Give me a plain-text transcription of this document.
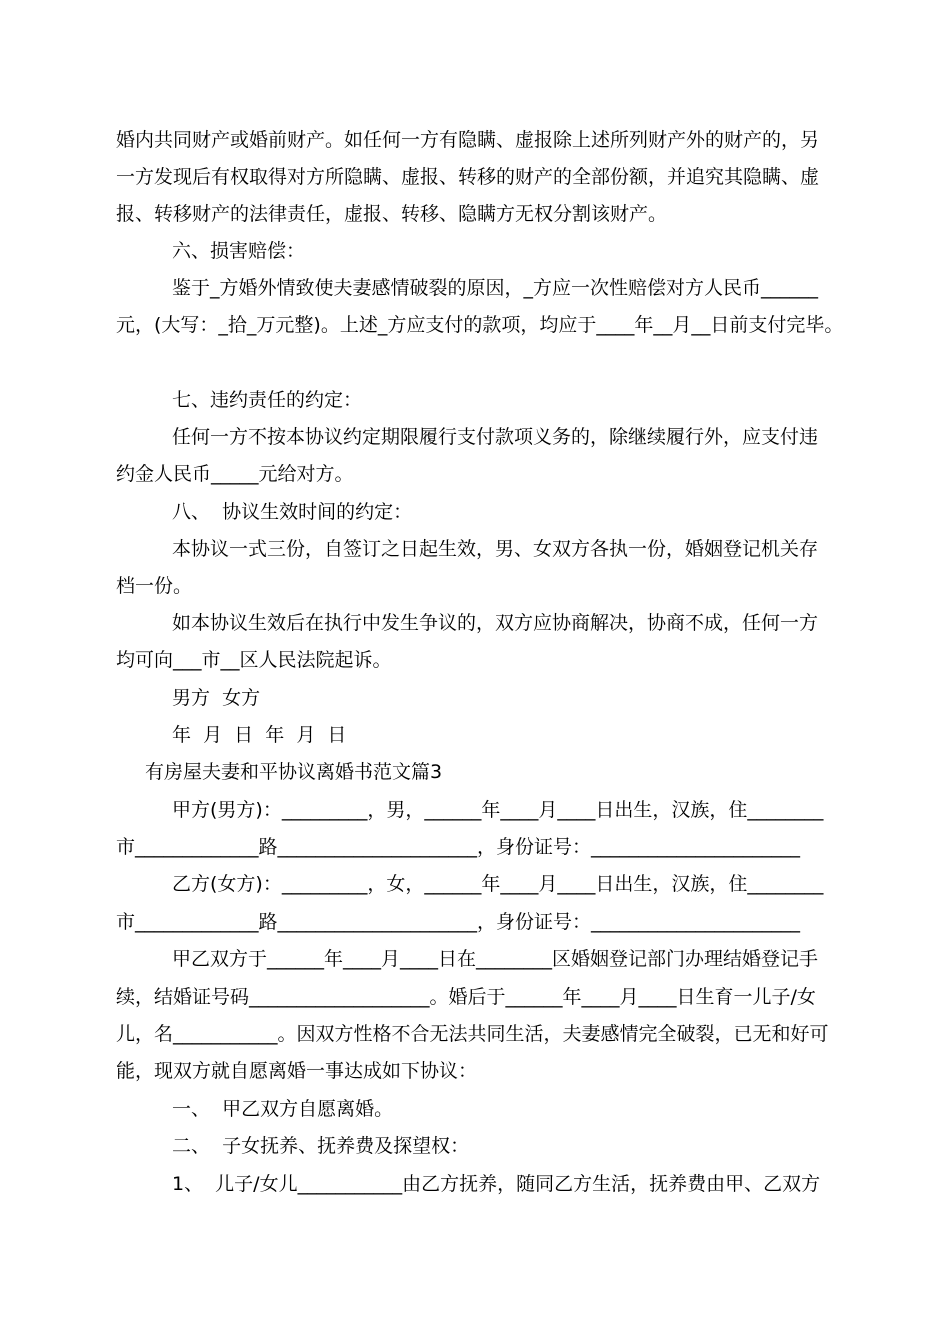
婚内共同财产或婚前财产。如任何一方有隐瞒、虚报除上述所列财产外的财产的，另
一方发现后有权取得对方所隐瞒、虚报、转移的财产的全部份额，并追究其隐瞒、虚
报、转移财产的法律责任，虚报、转移、隐瞒方无权分割该财产。
六、损害赔偿：
鉴于_方婚外情致使夫妻感情破裂的原因，_方应一次性赔偿对方人民币______
元，(大写：_拾_万元整)。上述_方应支付的款项，均应于____年__月__日前支付完毕。
七、违约责任的约定：
任何一方不按本协议约定期限履行支付款项义务的，除继续履行外，应支付违
约金人民币_____元给对方。
八、  协议生效时间的约定：
本协议一式三份，自签订之日起生效，男、女双方各执一份，婚姻登记机关存
档一份。
如本协议生效后在执行中发生争议的，双方应协商解决，协商不成，任何一方
均可向___市__区人民法院起诉。
男方  女方
年  月  日  年  月  日
有房屋夫妻和平协议离婚书范文篇3
甲方(男方)：_________，男，______年____月____日出生，汉族，住________
市_____________路_____________________，身份证号：______________________
乙方(女方)：_________，女，______年____月____日出生，汉族，住________
市_____________路_____________________，身份证号：______________________
甲乙双方于______年____月____日在________区婚姻登记部门办理结婚登记手
续，结婚证号码___________________。婚后于______年____月____日生育一儿子/女
儿，名___________。因双方性格不合无法共同生活，夫妻感情完全破裂，已无和好可
能，现双方就自愿离婚一事达成如下协议：
一、  甲乙双方自愿离婚。
二、  子女抚养、抚养费及探望权：
1、  儿子/女儿___________由乙方抚养，随同乙方生活，抚养费由甲、乙双方
